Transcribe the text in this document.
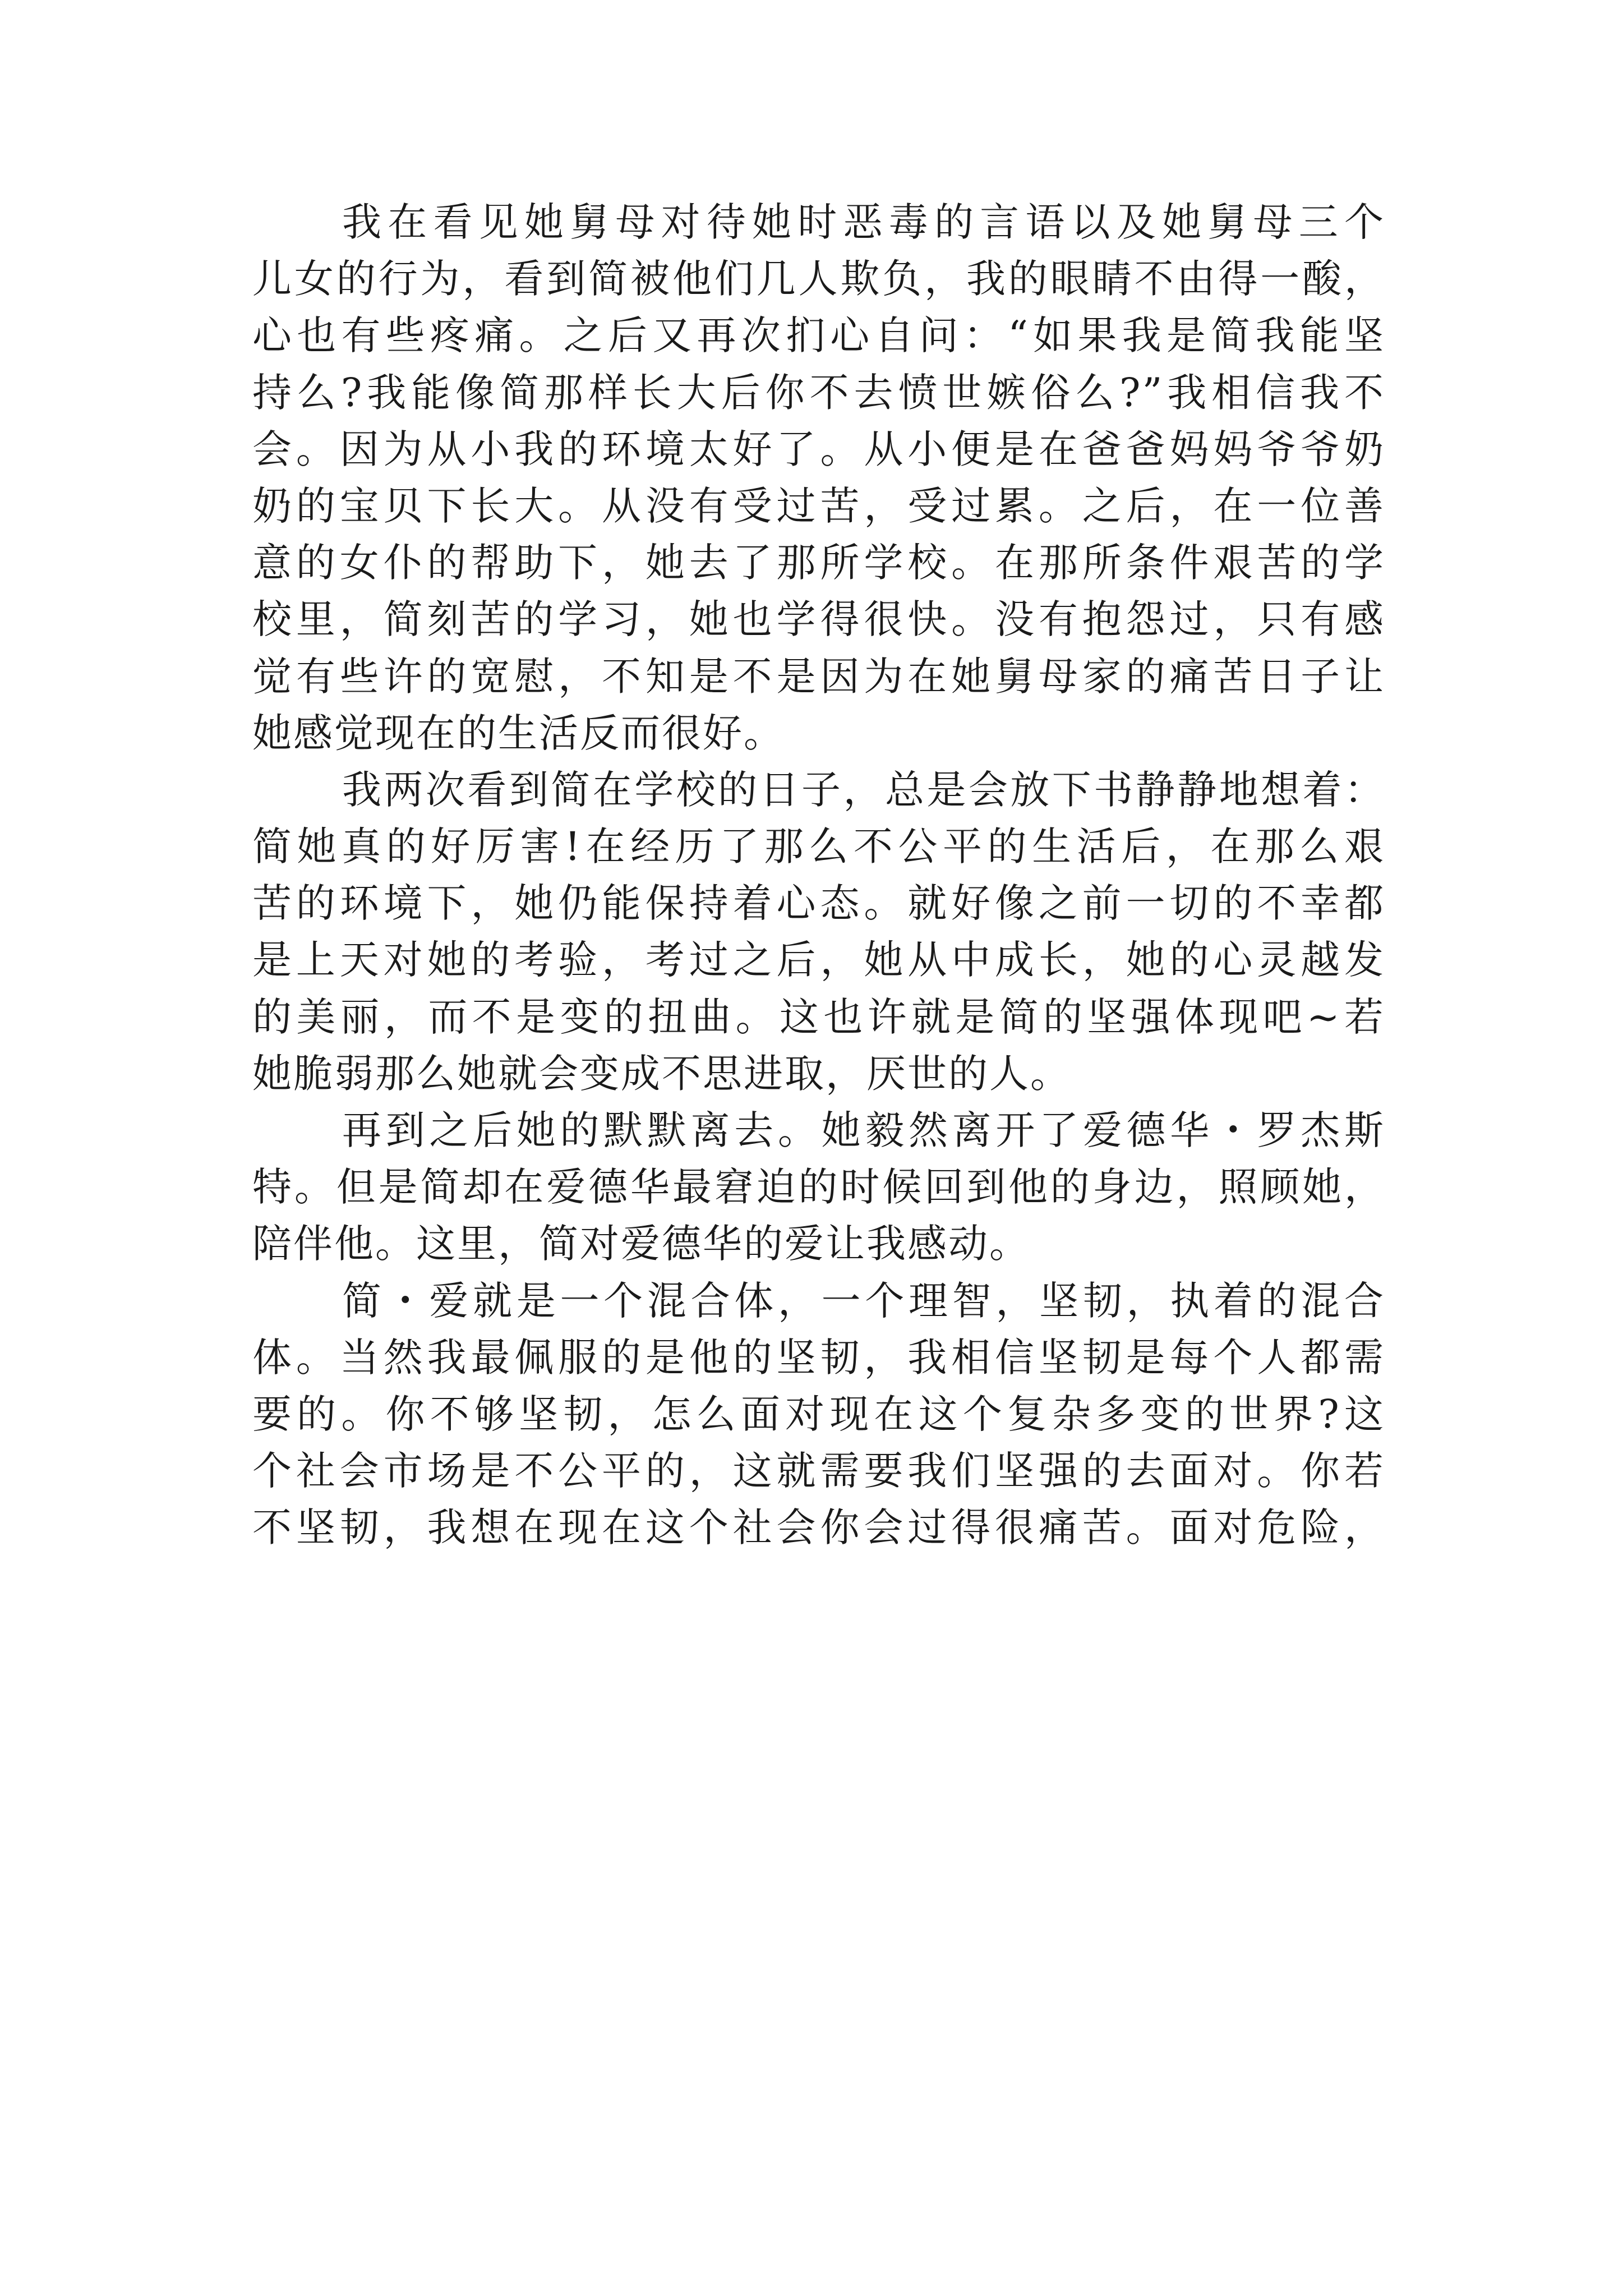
我在看见她舅母对待她时恶毒的言语以及她舅母三个
儿女的行为，看到简被他们几人欺负，我的眼睛不由得一酸，
心也有些疼痛。之后又再次扪心自问：“如果我是简我能坚
持么?我能像简那样长大后你不去愤世嫉俗么?”我相信我不
会。因为从小我的环境太好了。从小便是在爸爸妈妈爷爷奶
奶的宝贝下长大。从没有受过苦，受过累。之后，在一位善
意的女仆的帮助下，她去了那所学校。在那所条件艰苦的学
校里，简刻苦的学习，她也学得很快。没有抱怨过，只有感
觉有些许的宽慰，不知是不是因为在她舅母家的痛苦日子让
她感觉现在的生活反而很好。
我两次看到简在学校的日子，总是会放下书静静地想着：
简她真的好厉害!在经历了那么不公平的生活后，在那么艰
苦的环境下，她仍能保持着心态。就好像之前一切的不幸都
是上天对她的考验，考过之后，她从中成长，她的心灵越发
的美丽，而不是变的扭曲。这也许就是简的坚强体现吧~若
她脆弱那么她就会变成不思进取，厌世的人。
再到之后她的默默离去。她毅然离开了爱德华・罗杰斯
特。但是简却在爱德华最窘迫的时候回到他的身边，照顾她，
陪伴他。这里，简对爱德华的爱让我感动。
简・爱就是一个混合体，一个理智，坚韧，执着的混合
体。当然我最佩服的是他的坚韧，我相信坚韧是每个人都需
要的。你不够坚韧，怎么面对现在这个复杂多变的世界?这
个社会市场是不公平的，这就需要我们坚强的去面对。你若
不坚韧，我想在现在这个社会你会过得很痛苦。面对危险，
